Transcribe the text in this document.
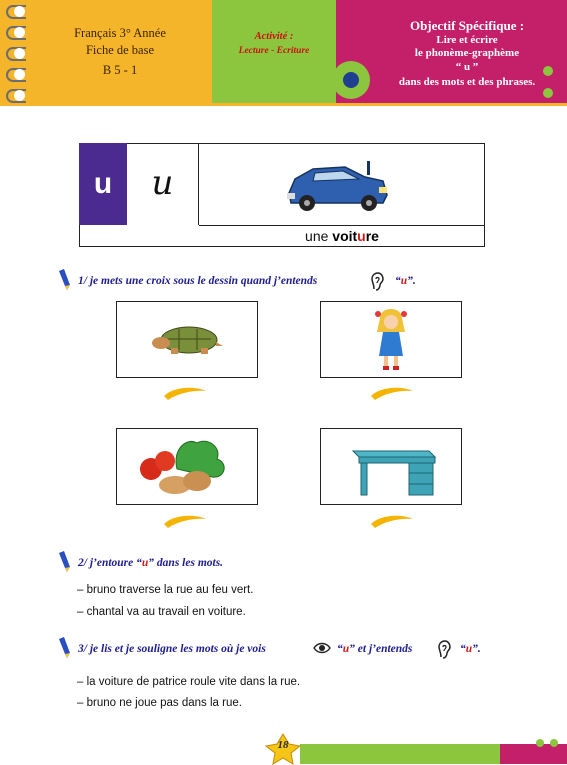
Français 3° Année
Fiche de base
B 5 - 1
Activité :
Lecture - Ecriture
Objectif Spécifique :
Lire et écrire
le phonème-graphème
“ u ”
dans des mots et des phrases.
u	u
une voiture
1/ je mets une croix sous le dessin quand j’entends	“u”.
2/ j’entoure “u” dans les mots.
– bruno traverse la rue au feu vert.
– chantal va au travail en voiture.
3/ je lis et je souligne les mots où je vois	“u” et j’entends	“u”.
– la voiture de patrice roule vite dans la rue.
– bruno ne joue pas dans la rue.
18
